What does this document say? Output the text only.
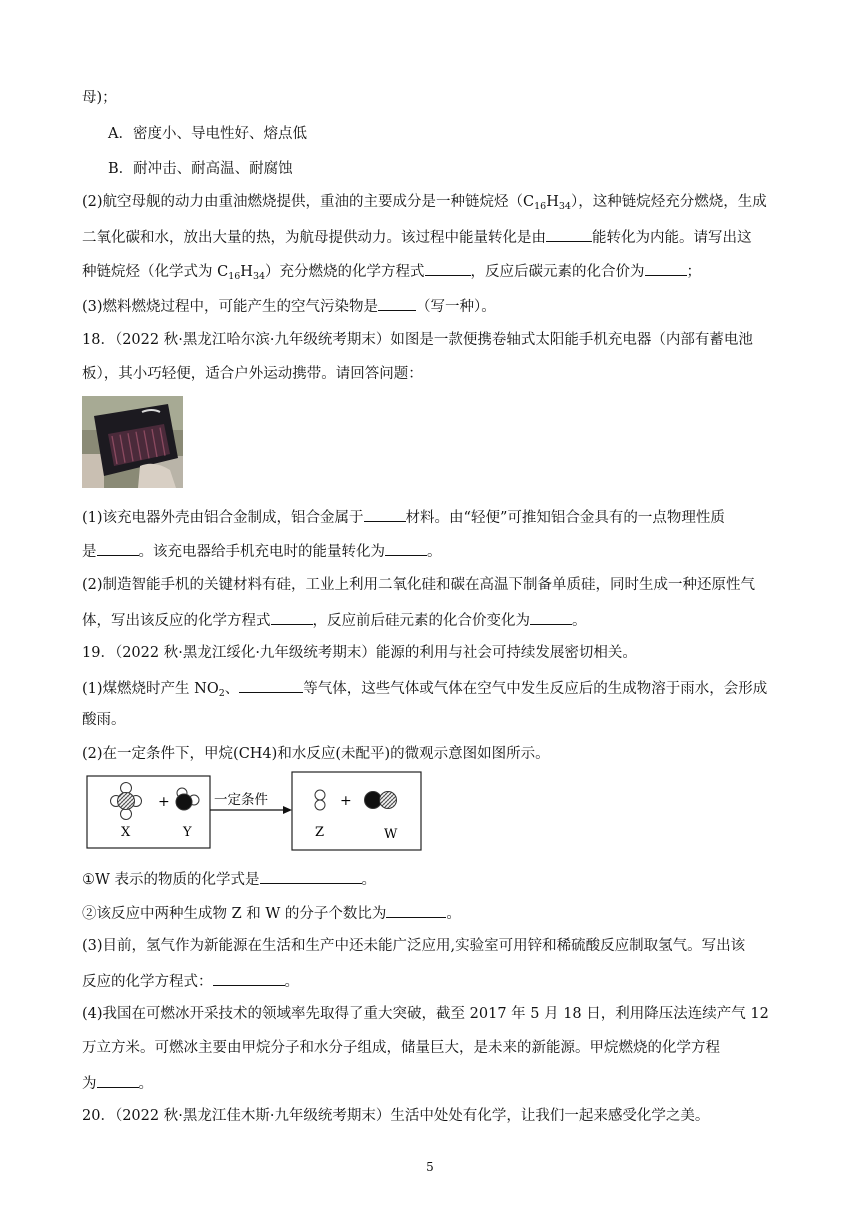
母)；
A．密度小、导电性好、熔点低
B．耐冲击、耐高温、耐腐蚀
(2)航空母舰的动力由重油燃烧提供，重油的主要成分是一种链烷烃$(C_{16}H_{34})$，这种链烷烃充分燃烧，生成
二氧化碳和水，放出大量的热，为航母提供动力。该过程中能量转化是由	能转化为内能。请写出这
种链烷烃（化学式为 $C_{16}H_{34}$）充分燃烧的化学方程式	，反应后碳元素的化合价为	；
(3)燃料燃烧过程中，可能产生的空气污染物是	（写一种）。
18．（2022 秋·黑龙江哈尔滨·九年级统考期末）如图是一款便携卷轴式太阳能手机充电器（内部有蓄电池
板），其小巧轻便，适合户外运动携带。请回答问题：
(1)该充电器外壳由铝合金制成，铝合金属于	材料。由“轻便”可推知铝合金具有的一点物理性质
是	。该充电器给手机充电时的能量转化为	。
(2)制造智能手机的关键材料有硅，工业上利用二氧化硅和碳在高温下制备单质硅，同时生成一种还原性气
体，写出该反应的化学方程式	，反应前后硅元素的化合价变化为	。
19．（2022 秋·黑龙江绥化·九年级统考期末）能源的利用与社会可持续发展密切相关。
(1)煤燃烧时产生 $NO_2$、	等气体，这些气体或气体在空气中发生反应后的生成物溶于雨水，会形成
酸雨。
(2)在一定条件下，甲烷(CH4)和水反应(未配平)的微观示意图如图所示。
+
X	Y
一定条件	+
Z	W
①W 表示的物质的化学式是	。
②该反应中两种生成物 Z 和 W 的分子个数比为	。
(3)目前，氢气作为新能源在生活和生产中还未能广泛应用,实验室可用锌和稀硫酸反应制取氢气。写出该
反应的化学方程式：	。
(4)我国在可燃冰开采技术的领域率先取得了重大突破，截至 2017 年 5 月 18 日，利用降压法连续产气 12
万立方米。可燃冰主要由甲烷分子和水分子组成，储量巨大，是未来的新能源。甲烷燃烧的化学方程
为	。
20．（2022 秋·黑龙江佳木斯·九年级统考期末）生活中处处有化学，让我们一起来感受化学之美。
5
